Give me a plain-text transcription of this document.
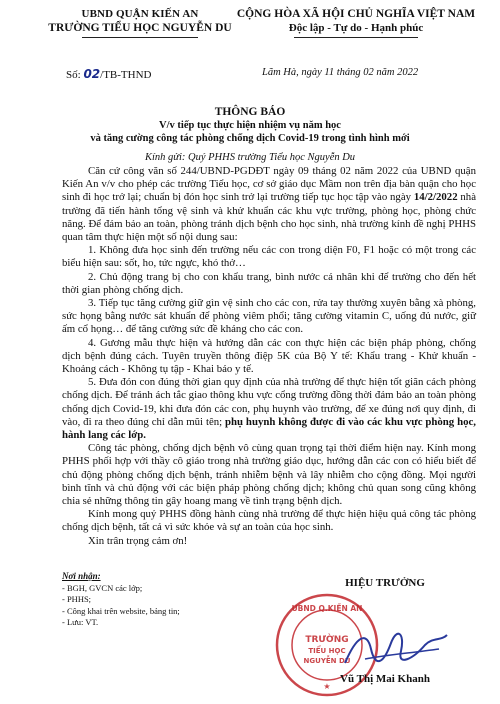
UBND QUẬN KIẾN AN
TRƯỜNG TIỂU HỌC NGUYỄN DU
CỘNG HÒA XÃ HỘI CHỦ NGHĨA VIỆT NAM
Độc lập - Tự do - Hạnh phúc
Số: 02/TB-THND	Lãm Hà, ngày 11 tháng 02 năm 2022
THÔNG BÁO
V/v tiếp tục thực hiện nhiệm vụ năm học
và tăng cường công tác phòng chống dịch Covid-19 trong tình hình mới
Kính gửi: Quý PHHS trường Tiểu học Nguyễn Du

Căn cứ công văn số 244/UBND-PGDĐT ngày 09 tháng 02 năm 2022 của UBND quận Kiến An v/v cho phép các trường Tiểu học, cơ sở giáo dục Mầm non trên địa bàn quận cho học sinh đi học trở lại; chuẩn bị đón học sinh trở lại trường tiếp tục học tập vào ngày 14/2/2022 nhà trường đã tiến hành tổng vệ sinh và khử khuẩn các khu vực trường, phòng học, phòng chức năng. Để đảm bảo an toàn, phòng tránh dịch bệnh cho học sinh, nhà trường kính đề nghị PHHS quan tâm thực hiện một số nội dung sau:

1. Không đưa học sinh đến trường nếu các con trong diện F0, F1 hoặc có một trong các biểu hiện sau: sốt, ho, tức ngực, khó thở…

2. Chủ động trang bị cho con khẩu trang, bình nước cá nhân khi để trường cho đến hết thời gian phòng chống dịch.

3. Tiếp tục tăng cường giữ gìn vệ sinh cho các con, rửa tay thường xuyên bằng xà phòng, sức họng bằng nước sát khuẩn để phòng viêm phổi; tăng cường vitamin C, uống đủ nước, giữ ấm cổ họng… để tăng cường sức đề kháng cho các con.

4. Gương mẫu thực hiện và hướng dẫn các con thực hiện các biện pháp phòng, chống dịch bệnh đúng cách. Tuyên truyền thông điệp 5K của Bộ Y tế: Khẩu trang - Khử khuẩn - Khoảng cách - Không tụ tập - Khai báo y tế.

5. Đưa đón con đúng thời gian quy định của nhà trường để thực hiện tốt giãn cách phòng chống dịch. Để tránh ách tắc giao thông khu vực cổng trường đồng thời đảm bảo an toàn phòng chống dịch Covid-19, khi đưa đón các con, phụ huynh vào trường, để xe đúng nơi quy định, đi vào, đi ra theo đúng chỉ dẫn mũi tên; phụ huynh không được đi vào các khu vực phòng học, hành lang các lớp.

Công tác phòng, chống dịch bệnh vô cùng quan trọng tại thời điểm hiện nay. Kính mong PHHS phối hợp với thầy cô giáo trong nhà trường giáo dục, hướng dẫn các con có hiểu biết để chủ động phòng chống dịch bệnh, tránh nhiễm bệnh và lây nhiễm cho cộng đồng. Mọi người bình tĩnh và chủ động với các biện pháp phòng chống dịch; không chủ quan song cũng không chia sẻ những thông tin gây hoang mang về tình trạng bệnh dịch.

Kính mong quý PHHS đồng hành cùng nhà trường để thực hiện hiệu quả công tác phòng chống dịch bệnh, tất cả vì sức khỏe và sự an toàn của học sinh.

Xin trân trọng cảm ơn!

Nơi nhận:
- BGH, GVCN các lớp;
- PHHS;
- Công khai trên website, bảng tin;
- Lưu: VT.
HIỆU TRƯỞNG
UBND Q.KIẾN AN
TRƯỜNG
TIỂU HỌC
NGUYỄN DU
★
Vũ Thị Mai Khanh
